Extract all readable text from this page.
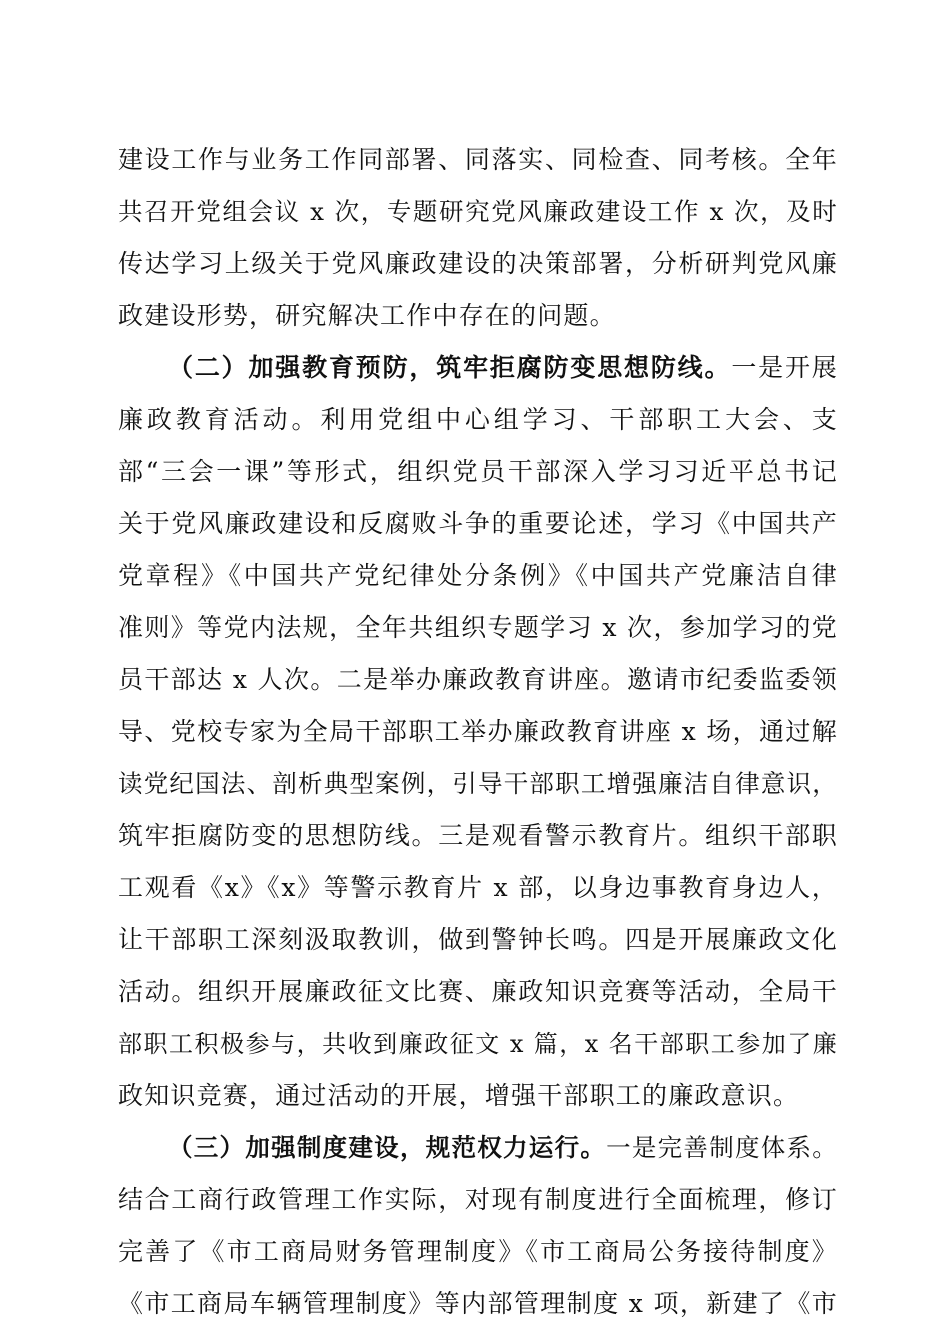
建设工作与业务工作同部署、同落实、同检查、同考核。全年
共召开党组会议 x 次，专题研究党风廉政建设工作 x 次，及时
传达学习上级关于党风廉政建设的决策部署，分析研判党风廉
政建设形势，研究解决工作中存在的问题。
（二）加强教育预防，筑牢拒腐防变思想防线。一是开展
廉政教育活动。利用党组中心组学习、干部职工大会、支
部“三会一课”等形式，组织党员干部深入学习习近平总书记
关于党风廉政建设和反腐败斗争的重要论述，学习《中国共产
党章程》《中国共产党纪律处分条例》《中国共产党廉洁自律
准则》等党内法规，全年共组织专题学习 x 次，参加学习的党
员干部达 x 人次。二是举办廉政教育讲座。邀请市纪委监委领
导、党校专家为全局干部职工举办廉政教育讲座 x 场，通过解
读党纪国法、剖析典型案例，引导干部职工增强廉洁自律意识，
筑牢拒腐防变的思想防线。三是观看警示教育片。组织干部职
工观看《x》《x》等警示教育片 x 部，以身边事教育身边人，
让干部职工深刻汲取教训，做到警钟长鸣。四是开展廉政文化
活动。组织开展廉政征文比赛、廉政知识竞赛等活动，全局干
部职工积极参与，共收到廉政征文 x 篇，x 名干部职工参加了廉
政知识竞赛，通过活动的开展，增强干部职工的廉政意识。
（三）加强制度建设，规范权力运行。一是完善制度体系。
结合工商行政管理工作实际，对现有制度进行全面梳理，修订
完善了《市工商局财务管理制度》《市工商局公务接待制度》
《市工商局车辆管理制度》等内部管理制度 x 项，新建了《市
